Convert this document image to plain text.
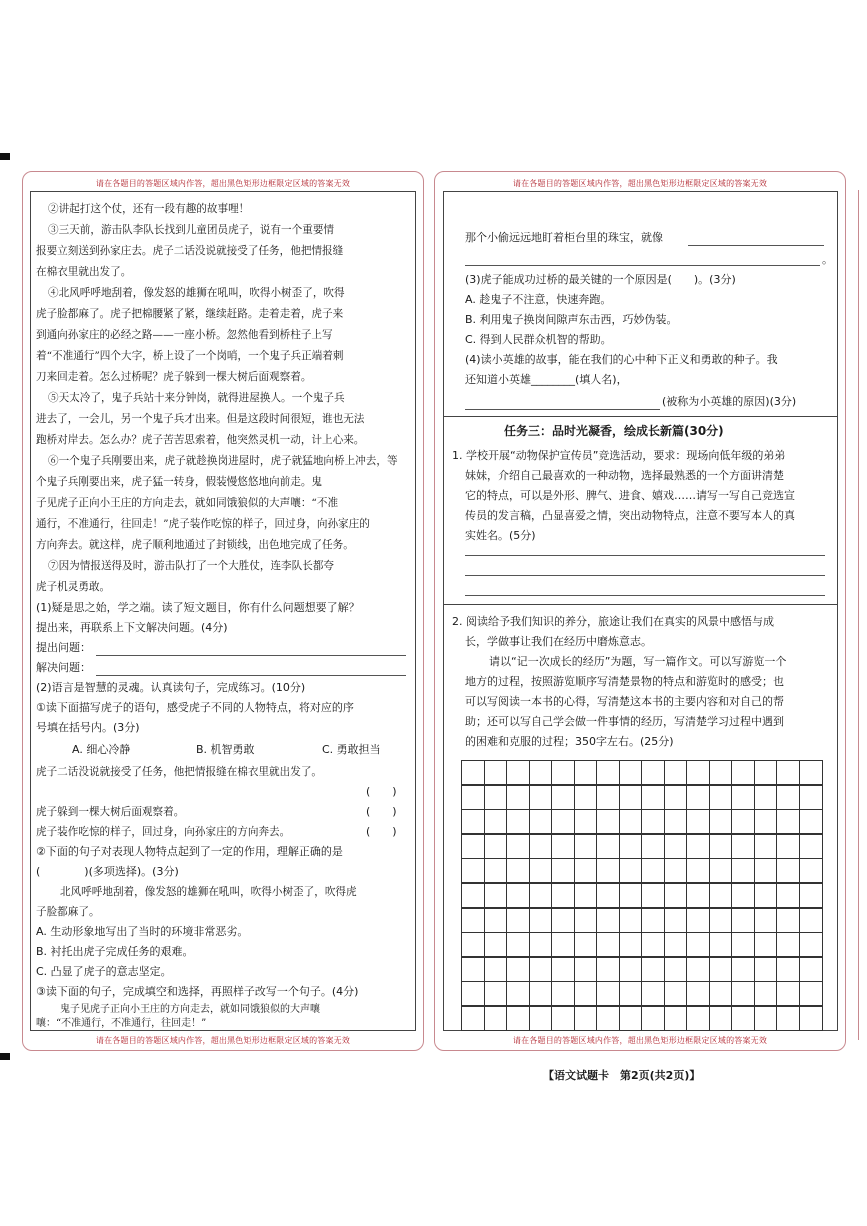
请在各题目的答题区域内作答，超出黑色矩形边框限定区域的答案无效
②讲起打这个仗，还有一段有趣的故事哩！
③三天前，游击队李队长找到儿童团员虎子，说有一个重要情
报要立刻送到孙家庄去。虎子二话没说就接受了任务，他把情报缝
在棉衣里就出发了。
④北风呼呼地刮着，像发怒的雄狮在吼叫，吹得小树歪了，吹得
虎子脸都麻了。虎子把棉腰紧了紧，继续赶路。走着走着，虎子来
到通向孙家庄的必经之路——一座小桥。忽然他看到桥柱子上写
着“不准通行”四个大字，桥上设了一个岗哨，一个鬼子兵正端着刺
刀来回走着。怎么过桥呢？虎子躲到一棵大树后面观察着。
⑤天太冷了，鬼子兵站十来分钟岗，就得进屋换人。一个鬼子兵
进去了，一会儿，另一个鬼子兵才出来。但是这段时间很短，谁也无法
跑桥对岸去。怎么办？虎子苦苦思索着，他突然灵机一动，计上心来。
⑥一个鬼子兵刚要出来，虎子就趁换岗进屋时，虎子就猛地向桥上冲去，等
个鬼子兵刚要出来，虎子猛一转身，假装慢悠悠地向前走。鬼
子见虎子正向小王庄的方向走去，就如同饿狼似的大声嚷：“不准
通行，不准通行，往回走！”虎子装作吃惊的样子，回过身，向孙家庄的
方向奔去。就这样，虎子顺利地通过了封锁线，出色地完成了任务。
⑦因为情报送得及时，游击队打了一个大胜仗，连李队长都夸
虎子机灵勇敢。
(1)疑是思之始，学之端。读了短文题目，你有什么问题想要了解？
提出来，再联系上下文解决问题。(4分)
提出问题：
解决问题：
(2)语言是智慧的灵魂。认真读句子，完成练习。(10分)
①读下面描写虎子的语句，感受虎子不同的人物特点，将对应的序
号填在括号内。(3分)
A. 细心冷静	B. 机智勇敢	C. 勇敢担当
虎子二话没说就接受了任务，他把情报缝在棉衣里就出发了。
(　　)
虎子躲到一棵大树后面观察着。	(　　)
虎子装作吃惊的样子，回过身，向孙家庄的方向奔去。	(　　)
②下面的句子对表现人物特点起到了一定的作用，理解正确的是
(　　　　)(多项选择)。(3分)
北风呼呼地刮着，像发怒的雄狮在吼叫，吹得小树歪了，吹得虎
子脸都麻了。
A. 生动形象地写出了当时的环境非常恶劣。
B. 衬托出虎子完成任务的艰难。
C. 凸显了虎子的意志坚定。
③读下面的句子，完成填空和选择，再照样子改写一个句子。(4分)
鬼子见虎子正向小王庄的方向走去，就如同饿狼似的大声嚷
嚷：“不准通行，不准通行，往回走！”
请在各题目的答题区域内作答，超出黑色矩形边框限定区域的答案无效
请在各题目的答题区域内作答，超出黑色矩形边框限定区域的答案无效
那个小偷远远地盯着柜台里的珠宝，就像
。
(3)虎子能成功过桥的最关键的一个原因是(　　)。(3分)
A. 趁鬼子不注意，快速奔跑。
B. 利用鬼子换岗间隙声东击西，巧妙伪装。
C. 得到人民群众机智的帮助。
(4)读小英雄的故事，能在我们的心中种下正义和勇敢的种子。我
还知道小英雄________(填人名)，
(被称为小英雄的原因)(3分)
任务三：品时光凝香，绘成长新篇(30分)
1. 学校开展“动物保护宣传员”竞选活动，要求：现场向低年级的弟弟
妹妹，介绍自己最喜欢的一种动物，选择最熟悉的一个方面讲清楚
它的特点，可以是外形、脾气、进食、嬉戏……请写一写自己竞选宣
传员的发言稿，凸显喜爱之情，突出动物特点，注意不要写本人的真
实姓名。(5分)
2. 阅读给予我们知识的养分，旅途让我们在真实的风景中感悟与成
长，学做事让我们在经历中磨炼意志。
请以“记一次成长的经历”为题，写一篇作文。可以写游览一个
地方的过程，按照游览顺序写清楚景物的特点和游览时的感受；也
可以写阅读一本书的心得，写清楚这本书的主要内容和对自己的帮
助；还可以写自己学会做一件事情的经历，写清楚学习过程中遇到
的困难和克服的过程；350字左右。(25分)
请在各题目的答题区域内作答，超出黑色矩形边框限定区域的答案无效
【语文试题卡　第2页(共2页)】
